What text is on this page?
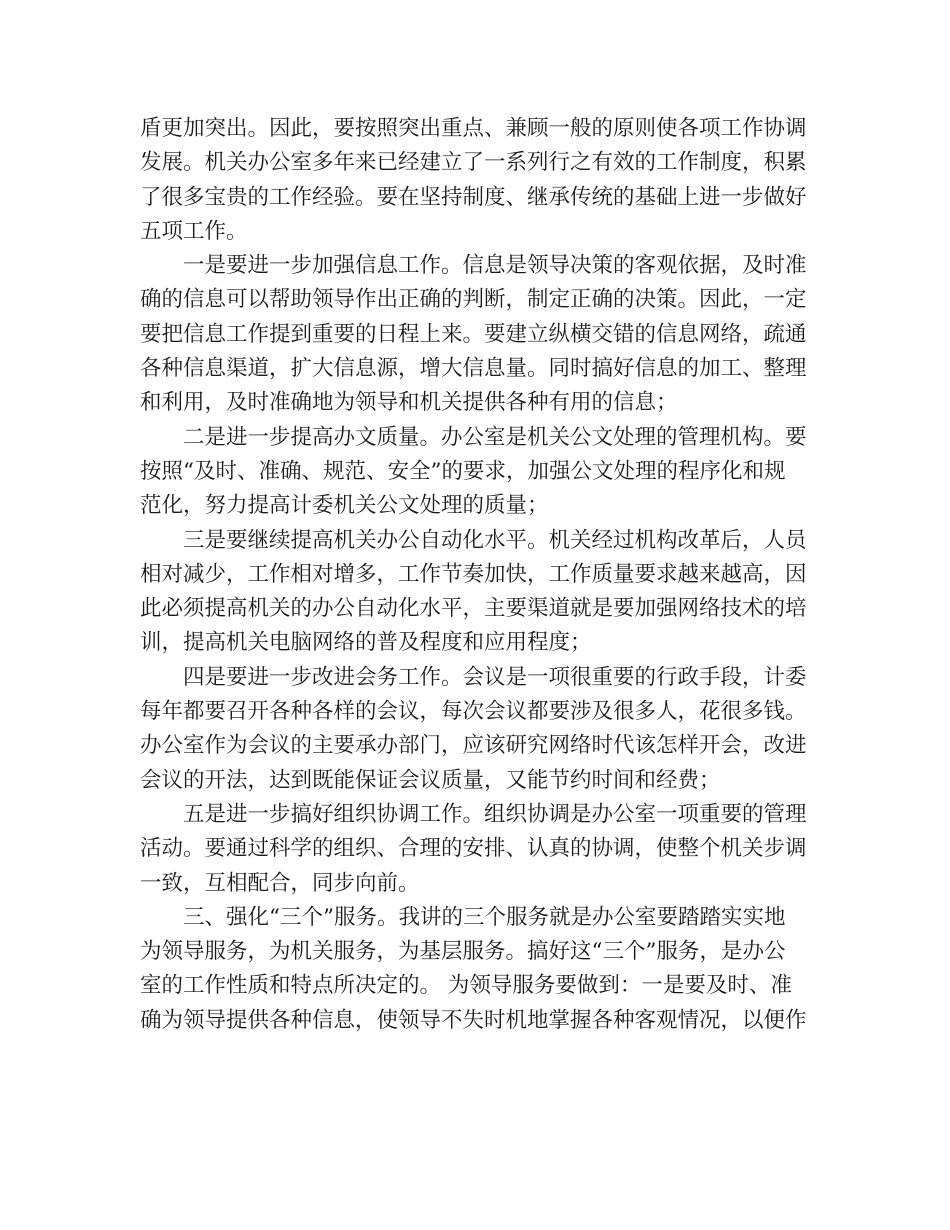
盾更加突出。因此，要按照突出重点、兼顾一般的原则使各项工作协调
发展。机关办公室多年来已经建立了一系列行之有效的工作制度，积累
了很多宝贵的工作经验。要在坚持制度、继承传统的基础上进一步做好
五项工作。
一是要进一步加强信息工作。信息是领导决策的客观依据，及时准
确的信息可以帮助领导作出正确的判断，制定正确的决策。因此，一定
要把信息工作提到重要的日程上来。要建立纵横交错的信息网络，疏通
各种信息渠道，扩大信息源，增大信息量。同时搞好信息的加工、整理
和利用，及时准确地为领导和机关提供各种有用的信息；
二是进一步提高办文质量。办公室是机关公文处理的管理机构。要
按照“及时、准确、规范、安全”的要求，加强公文处理的程序化和规
范化，努力提高计委机关公文处理的质量；
三是要继续提高机关办公自动化水平。机关经过机构改革后，人员
相对减少，工作相对增多，工作节奏加快，工作质量要求越来越高，因
此必须提高机关的办公自动化水平，主要渠道就是要加强网络技术的培
训，提高机关电脑网络的普及程度和应用程度；
四是要进一步改进会务工作。会议是一项很重要的行政手段，计委
每年都要召开各种各样的会议，每次会议都要涉及很多人，花很多钱。
办公室作为会议的主要承办部门，应该研究网络时代该怎样开会，改进
会议的开法，达到既能保证会议质量，又能节约时间和经费；
五是进一步搞好组织协调工作。组织协调是办公室一项重要的管理
活动。要通过科学的组织、合理的安排、认真的协调，使整个机关步调
一致，互相配合，同步向前。
三、强化“三个”服务。我讲的三个服务就是办公室要踏踏实实地
为领导服务，为机关服务，为基层服务。搞好这“三个”服务，是办公
室的工作性质和特点所决定的。 为领导服务要做到：一是要及时、准
确为领导提供各种信息，使领导不失时机地掌握各种客观情况，以便作
